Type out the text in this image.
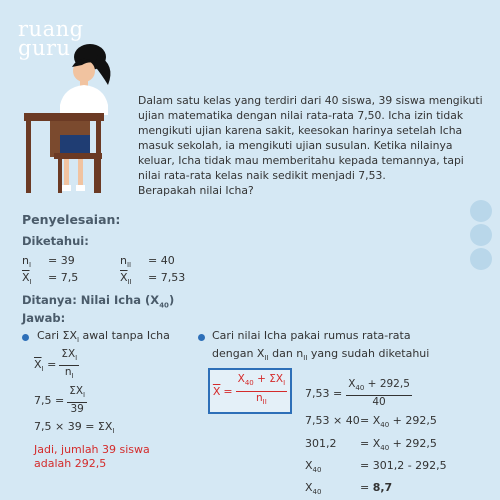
ruang
guru
Dalam satu kelas yang terdiri dari 40 siswa, 39 siswa mengikuti ujian matematika dengan nilai rata-rata 7,50. Icha izin tidak mengikuti ujian karena sakit, keesokan harinya setelah Icha masuk sekolah, ia mengikuti ujian susulan. Ketika nilainya keluar, Icha tidak mau memberitahu kepada temannya, tapi nilai rata-rata kelas naik sedikit menjadi 7,53.
Berapakah nilai Icha?
Penyelesaian:
Diketahui:
$n_I = 39$
$\overline{X}_I = 7,5$
$n_{II} = 40$
$\overline{X}_{II} = 7,53$
Ditanya: Nilai Icha $(X_{40})$
Jawab:
Cari $\Sigma X_I$ awal tanpa Icha
$\overline{X}_I = \frac{\Sigma X_I}{n_I}$
$7,5 = \frac{\Sigma X_I}{39}$
$7,5 \times 39 = \Sigma X_I$
Jadi, jumlah 39 siswa
adalah 292,5
Cari nilai Icha pakai rumus rata-rata
dengan $X_{II}$ dan $n_{II}$ yang sudah diketahui
$\overline{X} = \frac{X_{40} + \Sigma X_I}{n_{II}} 7,53 = \frac{X_{40} + 292,5}{40}$
$7,53 \times 40 = X_{40} + 292,5$
$301,2 = X_{40} + 292,5$
$X_{40}$	= 301,2 - 292,5
$X_{40}$	= 8,7
